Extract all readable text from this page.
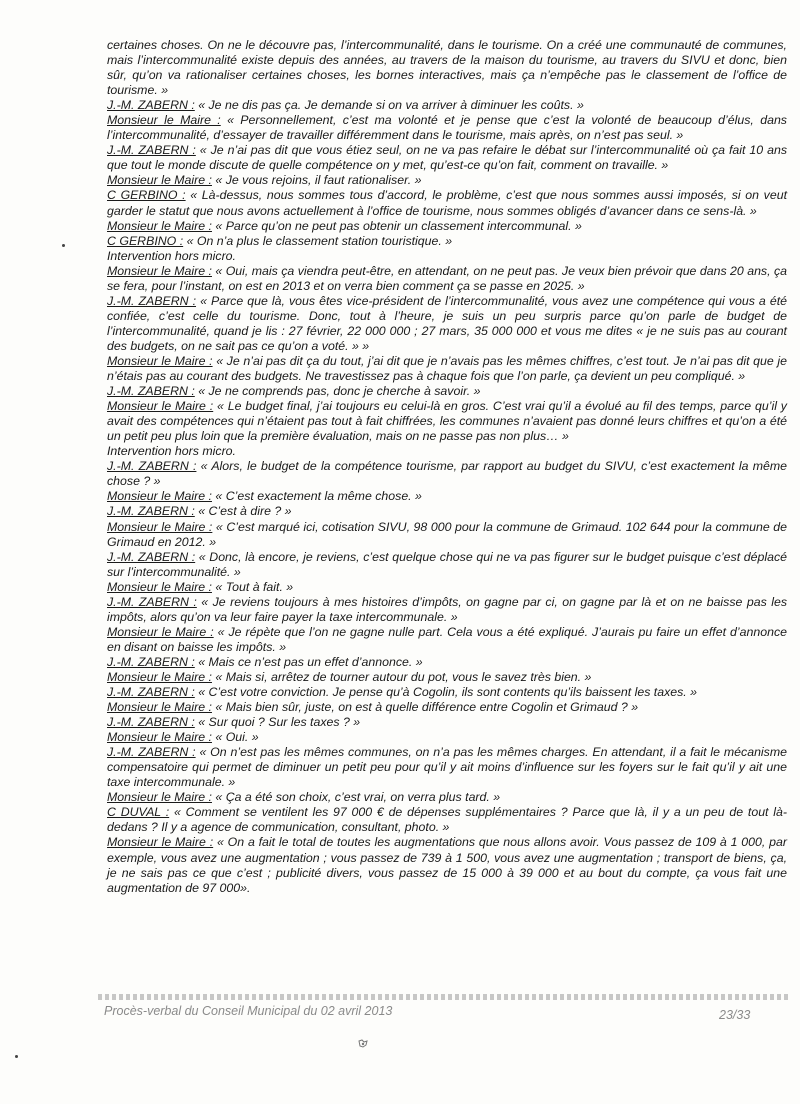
certaines choses. On ne le découvre pas, l’intercommunalité, dans le tourisme. On a créé une communauté de communes, mais l’intercommunalité existe depuis des années, au travers de la maison du tourisme, au travers du SIVU et donc, bien sûr, qu’on va rationaliser certaines choses, les bornes interactives, mais ça n’empêche pas le classement de l’office de tourisme. »

J.-M. ZABERN : « Je ne dis pas ça. Je demande si on va arriver à diminuer les coûts. »

Monsieur le Maire : « Personnellement, c’est ma volonté et je pense que c’est la volonté de beaucoup d’élus, dans l’intercommunalité, d’essayer de travailler différemment dans le tourisme, mais après, on n’est pas seul. »

J.-M. ZABERN : « Je n’ai pas dit que vous étiez seul, on ne va pas refaire le débat sur l’intercommunalité où ça fait 10 ans que tout le monde discute de quelle compétence on y met, qu’est-ce qu’on fait, comment on travaille. »

Monsieur le Maire : « Je vous rejoins, il faut rationaliser. »

C GERBINO : « Là-dessus, nous sommes tous d’accord, le problème, c’est que nous sommes aussi imposés, si on veut garder le statut que nous avons actuellement à l’office de tourisme, nous sommes obligés d’avancer dans ce sens-là. »

Monsieur le Maire : « Parce qu’on ne peut pas obtenir un classement intercommunal. »

C GERBINO : « On n’a plus le classement station touristique. »

Intervention hors micro.

Monsieur le Maire : « Oui, mais ça viendra peut-être, en attendant, on ne peut pas. Je veux bien prévoir que dans 20 ans, ça se fera, pour l’instant, on est en 2013 et on verra bien comment ça se passe en 2025. »

J.-M. ZABERN : « Parce que là, vous êtes vice-président de l’intercommunalité, vous avez une compétence qui vous a été confiée, c’est celle du tourisme. Donc, tout à l’heure, je suis un peu surpris parce qu’on parle de budget de l’intercommunalité, quand je lis : 27 février, 22 000 000 ; 27 mars, 35 000 000 et vous me dites « je ne suis pas au courant des budgets, on ne sait pas ce qu’on a voté. » »

Monsieur le Maire : « Je n’ai pas dit ça du tout, j’ai dit que je n’avais pas les mêmes chiffres, c’est tout. Je n’ai pas dit que je n’étais pas au courant des budgets. Ne travestissez pas à chaque fois que l’on parle, ça devient un peu compliqué. »

J.-M. ZABERN : « Je ne comprends pas, donc je cherche à savoir. »

Monsieur le Maire : « Le budget final, j’ai toujours eu celui-là en gros. C’est vrai qu’il a évolué au fil des temps, parce qu’il y avait des compétences qui n’étaient pas tout à fait chiffrées, les communes n’avaient pas donné leurs chiffres et qu’on a été un petit peu plus loin que la première évaluation, mais on ne passe pas non plus… »

Intervention hors micro.

J.-M. ZABERN : « Alors, le budget de la compétence tourisme, par rapport au budget du SIVU, c’est exactement la même chose ? »

Monsieur le Maire : « C’est exactement la même chose. »

J.-M. ZABERN : « C’est à dire ? »

Monsieur le Maire : « C’est marqué ici, cotisation SIVU, 98 000 pour la commune de Grimaud. 102 644 pour la commune de Grimaud en 2012. »

J.-M. ZABERN : « Donc, là encore, je reviens, c’est quelque chose qui ne va pas figurer sur le budget puisque c’est déplacé sur l’intercommunalité. »

Monsieur le Maire : « Tout à fait. »

J.-M. ZABERN : « Je reviens toujours à mes histoires d’impôts, on gagne par ci, on gagne par là et on ne baisse pas les impôts, alors qu’on va leur faire payer la taxe intercommunale. »

Monsieur le Maire : « Je répète que l’on ne gagne nulle part. Cela vous a été expliqué. J’aurais pu faire un effet d’annonce en disant on baisse les impôts. »

J.-M. ZABERN : « Mais ce n’est pas un effet d’annonce. »

Monsieur le Maire : « Mais si, arrêtez de tourner autour du pot, vous le savez très bien. »

J.-M. ZABERN : « C’est votre conviction. Je pense qu’à Cogolin, ils sont contents qu’ils baissent les taxes. »

Monsieur le Maire : « Mais bien sûr, juste, on est à quelle différence entre Cogolin et Grimaud ? »

J.-M. ZABERN : « Sur quoi ? Sur les taxes ? »

Monsieur le Maire : « Oui. »

J.-M. ZABERN : « On n’est pas les mêmes communes, on n’a pas les mêmes charges. En attendant, il a fait le mécanisme compensatoire qui permet de diminuer un petit peu pour qu’il y ait moins d’influence sur les foyers sur le fait qu’il y ait une taxe intercommunale. »

Monsieur le Maire : « Ça a été son choix, c’est vrai, on verra plus tard. »

C DUVAL : « Comment se ventilent les 97 000 € de dépenses supplémentaires ? Parce que là, il y a un peu de tout là-dedans ? Il y a agence de communication, consultant, photo. »

Monsieur le Maire : « On a fait le total de toutes les augmentations que nous allons avoir. Vous passez de 109 à 1 000, par exemple, vous avez une augmentation ; vous passez de 739 à 1 500, vous avez une augmentation ; transport de biens, ça, je ne sais pas ce que c’est ; publicité divers, vous passez de 15 000 à 39 000 et au bout du compte, ça vous fait une augmentation de 97 000».

Procès-verbal du Conseil Municipal du 02 avril 2013	23/33
